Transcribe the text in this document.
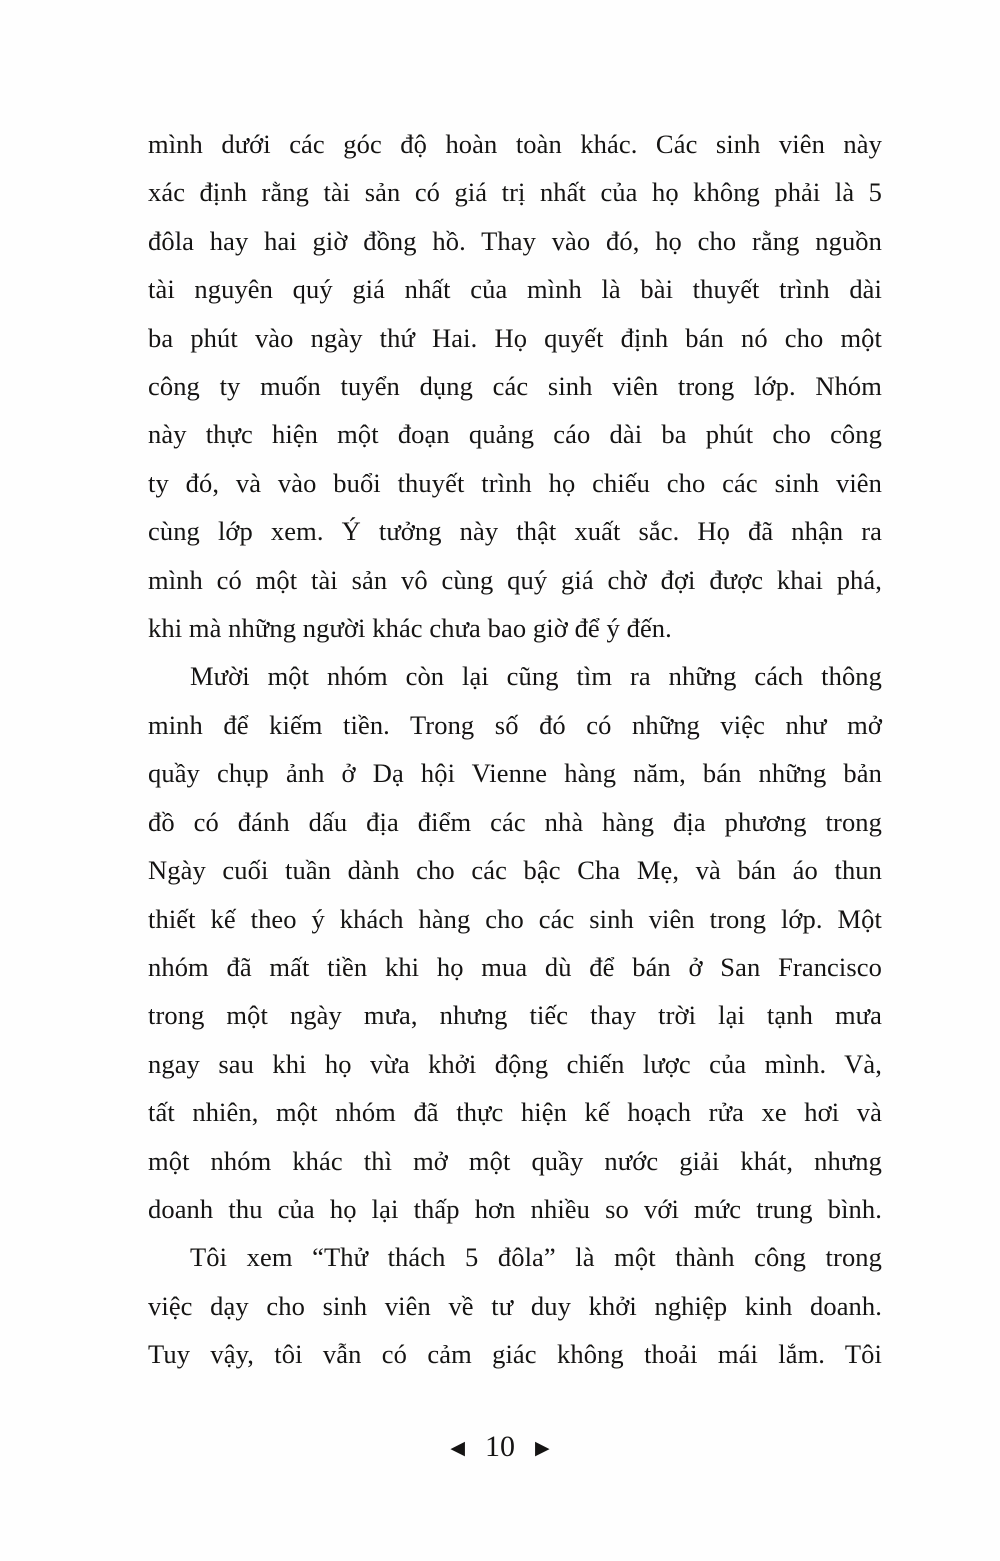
mình dưới các góc độ hoàn toàn khác. Các sinh viên này
xác định rằng tài sản có giá trị nhất của họ không phải là 5
đôla hay hai giờ đồng hồ. Thay vào đó, họ cho rằng nguồn
tài nguyên quý giá nhất của mình là bài thuyết trình dài
ba phút vào ngày thứ Hai. Họ quyết định bán nó cho một
công ty muốn tuyển dụng các sinh viên trong lớp. Nhóm
này thực hiện một đoạn quảng cáo dài ba phút cho công
ty đó, và vào buổi thuyết trình họ chiếu cho các sinh viên
cùng lớp xem. Ý tưởng này thật xuất sắc. Họ đã nhận ra
mình có một tài sản vô cùng quý giá chờ đợi được khai phá,
khi mà những người khác chưa bao giờ để ý đến.
Mười một nhóm còn lại cũng tìm ra những cách thông
minh để kiếm tiền. Trong số đó có những việc như mở
quầy chụp ảnh ở Dạ hội Vienne hàng năm, bán những bản
đồ có đánh dấu địa điểm các nhà hàng địa phương trong
Ngày cuối tuần dành cho các bậc Cha Mẹ, và bán áo thun
thiết kế theo ý khách hàng cho các sinh viên trong lớp. Một
nhóm đã mất tiền khi họ mua dù để bán ở San Francisco
trong một ngày mưa, nhưng tiếc thay trời lại tạnh mưa
ngay sau khi họ vừa khởi động chiến lược của mình. Và,
tất nhiên, một nhóm đã thực hiện kế hoạch rửa xe hơi và
một nhóm khác thì mở một quầy nước giải khát, nhưng
doanh thu của họ lại thấp hơn nhiều so với mức trung bình.
Tôi xem “Thử thách 5 đôla” là một thành công trong
việc dạy cho sinh viên về tư duy khởi nghiệp kinh doanh.
Tuy vậy, tôi vẫn có cảm giác không thoải mái lắm. Tôi
◀ 10 ▶
